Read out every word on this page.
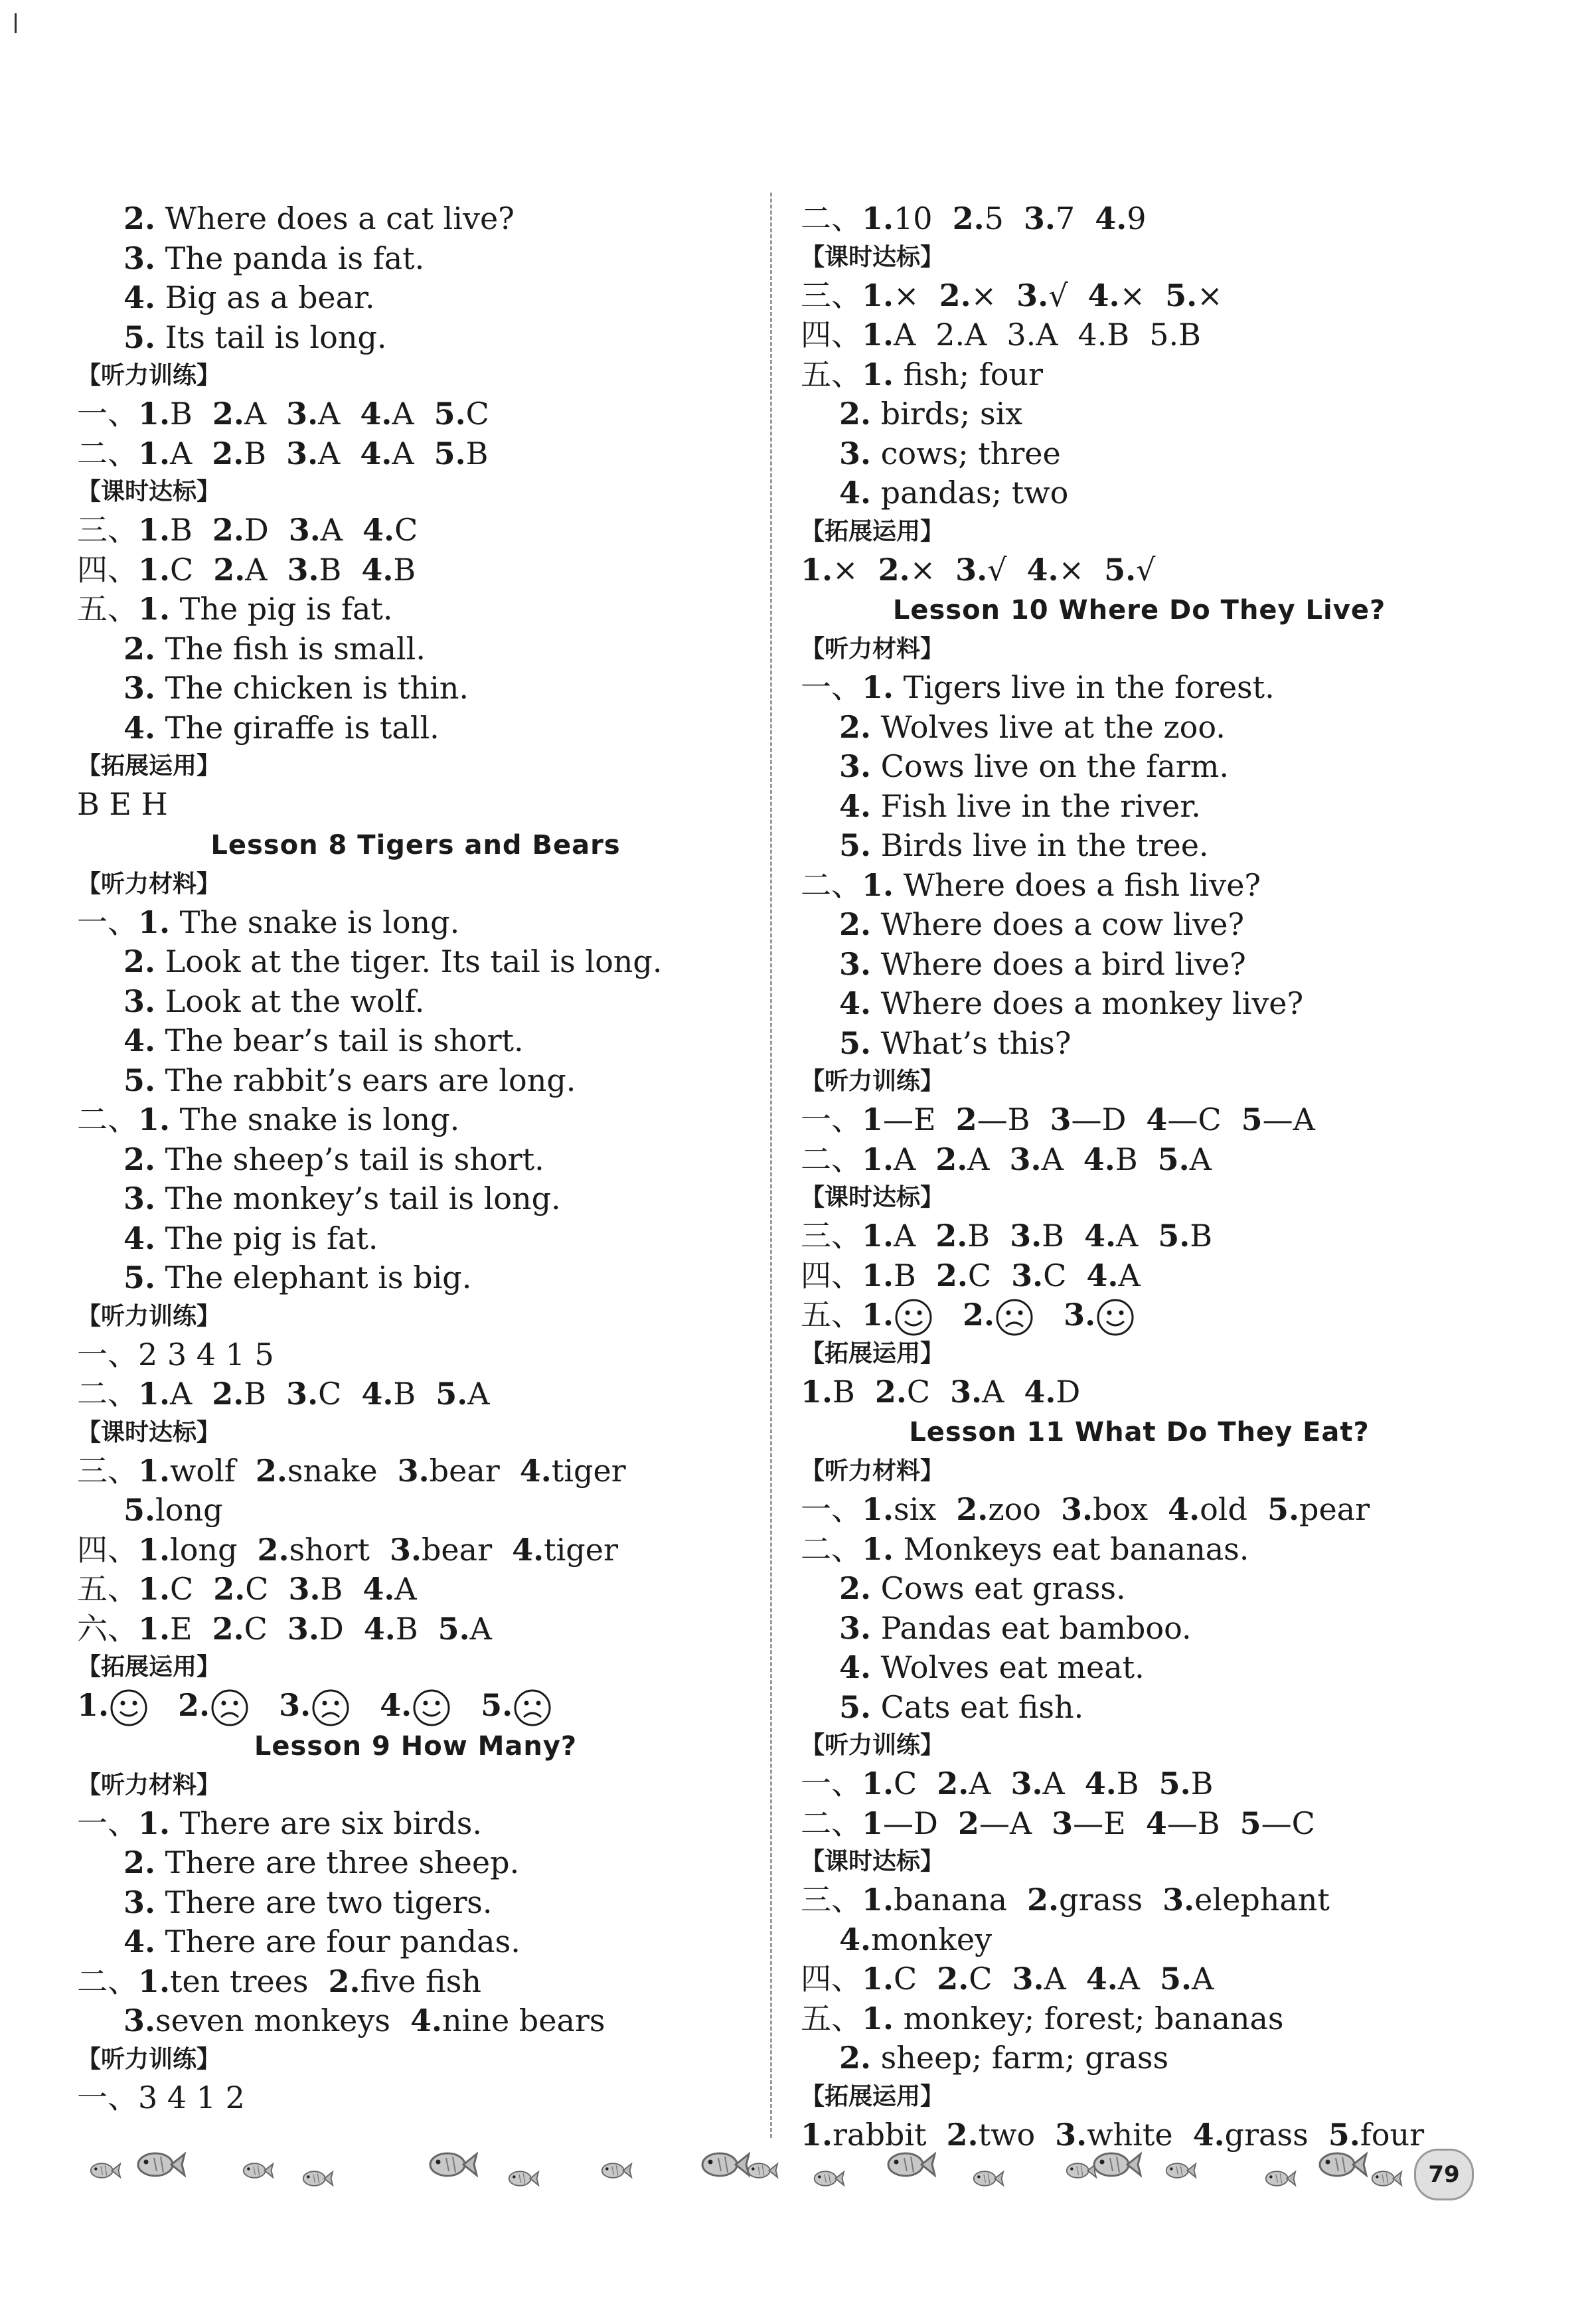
2. Where does a cat live?
3. The panda is fat.
4. Big as a bear.
5. Its tail is long.
【听力训练】
一、1.B 2.A 3.A 4.A 5.C
二、1.A 2.B 3.A 4.A 5.B
【课时达标】
三、1.B 2.D 3.A 4.C
四、1.C 2.A 3.B 4.B
五、1. The pig is fat.
2. The fish is small.
3. The chicken is thin.
4. The giraffe is tall.
【拓展运用】
B E H
Lesson 8 Tigers and Bears
【听力材料】
一、1. The snake is long.
2. Look at the tiger. Its tail is long.
3. Look at the wolf.
4. The bear’s tail is short.
5. The rabbit’s ears are long.
二、1. The snake is long.
2. The sheep’s tail is short.
3. The monkey’s tail is long.
4. The pig is fat.
5. The elephant is big.
【听力训练】
一、2 3 4 1 5
二、1.A 2.B 3.C 4.B 5.A
【课时达标】
三、1.wolf 2.snake 3.bear 4.tiger
5.long
四、1.long 2.short 3.bear 4.tiger
五、1.C 2.C 3.B 4.A
六、1.E 2.C 3.D 4.B 5.A
【拓展运用】
1. 2. 3. 4. 5.
Lesson 9 How Many?
【听力材料】
一、1. There are six birds.
2. There are three sheep.
3. There are two tigers.
4. There are four pandas.
二、1.ten trees 2.five fish
3.seven monkeys 4.nine bears
【听力训练】
一、3 4 1 2
二、1.10 2.5 3.7 4.9
【课时达标】
三、1.× 2.× 3.√ 4.× 5.×
四、1.A 2.A 3.A 4.B 5.B
五、1. fish; four
2. birds; six
3. cows; three
4. pandas; two
【拓展运用】
1.× 2.× 3.√ 4.× 5.√
Lesson 10 Where Do They Live?
【听力材料】
一、1. Tigers live in the forest.
2. Wolves live at the zoo.
3. Cows live on the farm.
4. Fish live in the river.
5. Birds live in the tree.
二、1. Where does a fish live?
2. Where does a cow live?
3. Where does a bird live?
4. Where does a monkey live?
5. What’s this?
【听力训练】
一、1—E 2—B 3—D 4—C 5—A
二、1.A 2.A 3.A 4.B 5.A
【课时达标】
三、1.A 2.B 3.B 4.A 5.B
四、1.B 2.C 3.C 4.A
五、1. 2. 3.
【拓展运用】
1.B 2.C 3.A 4.D
Lesson 11 What Do They Eat?
【听力材料】
一、1.six 2.zoo 3.box 4.old 5.pear
二、1. Monkeys eat bananas.
2. Cows eat grass.
3. Pandas eat bamboo.
4. Wolves eat meat.
5. Cats eat fish.
【听力训练】
一、1.C 2.A 3.A 4.B 5.B
二、1—D 2—A 3—E 4—B 5—C
【课时达标】
三、1.banana 2.grass 3.elephant
4.monkey
四、1.C 2.C 3.A 4.A 5.A
五、1. monkey; forest; bananas
2. sheep; farm; grass
【拓展运用】
1.rabbit 2.two 3.white 4.grass 5.four
79
